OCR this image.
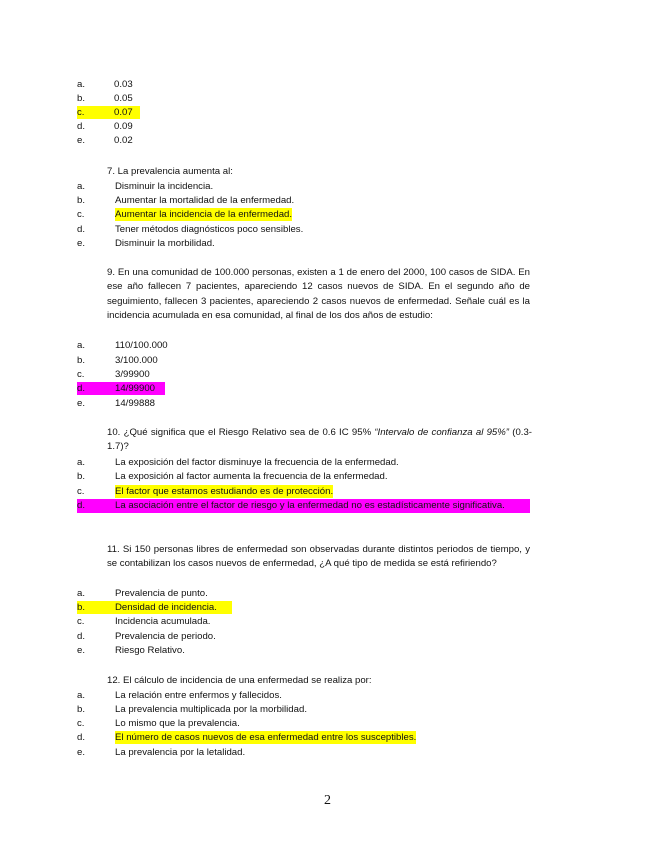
a.	0.03
b.	0.05
c.	0.07
d.	0.09
e.	0.02
7. La prevalencia aumenta al:
a.	Disminuir la incidencia.
b.	Aumentar la mortalidad de la enfermedad.
c.	Aumentar la incidencia de la enfermedad.
d.	Tener métodos diagnósticos poco sensibles.
e.	Disminuir la morbilidad.
9. En una comunidad de 100.000 personas, existen a 1 de enero del 2000, 100 casos de SIDA. En ese año fallecen 7 pacientes, apareciendo 12 casos nuevos de SIDA. En el segundo año de seguimiento, fallecen 3 pacientes, apareciendo 2 casos nuevos de enfermedad. Señale cuál es la incidencia acumulada en esa comunidad, al final de los dos años de estudio:
a.	110/100.000
b.	3/100.000
c.	3/99900
d.	14/99900
e.	14/99888
10. ¿Qué significa que el Riesgo Relativo sea de 0.6 IC 95% “Intervalo de confianza al 95%” (0.3-1.7)?
a.	La exposición del factor disminuye la frecuencia de la enfermedad.
b.	La exposición al factor aumenta la frecuencia de la enfermedad.
c.	El factor que estamos estudiando es de protección.
d.	La asociación entre el factor de riesgo y la enfermedad no es estadísticamente significativa.
11. Si 150 personas libres de enfermedad son observadas durante distintos periodos de tiempo, y se contabilizan los casos nuevos de enfermedad, ¿A qué tipo de medida se está refiriendo?
a.	Prevalencia de punto.
b.	Densidad de incidencia.
c.	Incidencia acumulada.
d.	Prevalencia de periodo.
e.	Riesgo Relativo.
12. El cálculo de incidencia de una enfermedad se realiza por:
a.	La relación entre enfermos y fallecidos.
b.	La prevalencia multiplicada por la morbilidad.
c.	Lo mismo que la prevalencia.
d.	El número de casos nuevos de esa enfermedad entre los susceptibles.
e.	La prevalencia por la letalidad.
2
